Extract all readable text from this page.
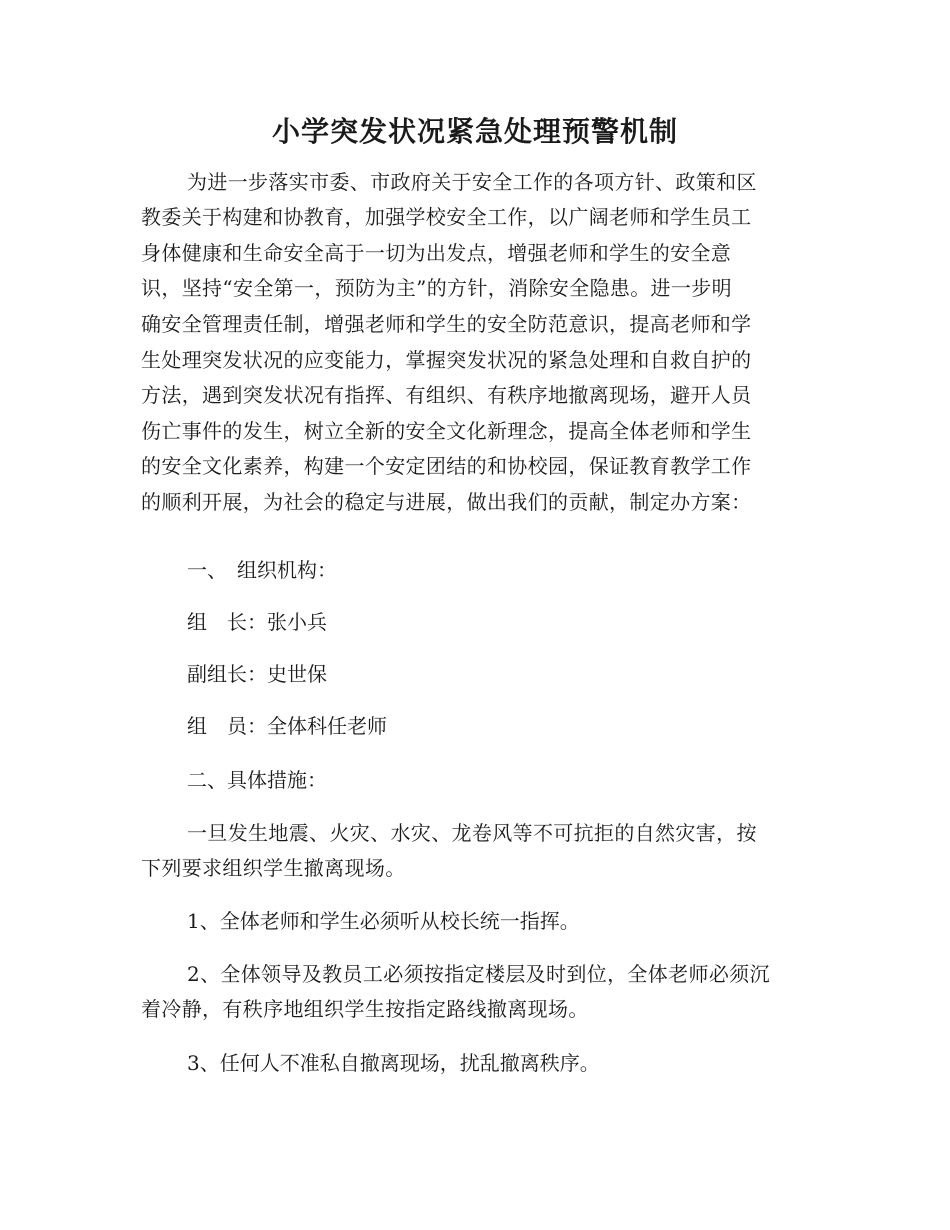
小学突发状况紧急处理预警机制

为进一步落实市委、市政府关于安全工作的各项方针、政策和区

教委关于构建和协教育，加强学校安全工作，以广阔老师和学生员工

身体健康和生命安全高于一切为出发点，增强老师和学生的安全意

识，坚持“安全第一，预防为主”的方针，消除安全隐患。进一步明

确安全管理责任制，增强老师和学生的安全防范意识，提高老师和学

生处理突发状况的应变能力，掌握突发状况的紧急处理和自救自护的

方法，遇到突发状况有指挥、有组织、有秩序地撤离现场，避开人员

伤亡事件的发生，树立全新的安全文化新理念，提高全体老师和学生

的安全文化素养，构建一个安定团结的和协校园，保证教育教学工作

的顺利开展，为社会的稳定与进展，做出我们的贡献，制定办方案：

一、　组织机构：

组　长：张小兵

副组长：史世保

组　员：全体科任老师

二、具体措施：

一旦发生地震、火灾、水灾、龙卷风等不可抗拒的自然灾害，按

下列要求组织学生撤离现场。

1、全体老师和学生必须听从校长统一指挥。

2、全体领导及教员工必须按指定楼层及时到位，全体老师必须沉

着冷静，有秩序地组织学生按指定路线撤离现场。

3、任何人不准私自撤离现场，扰乱撤离秩序。
